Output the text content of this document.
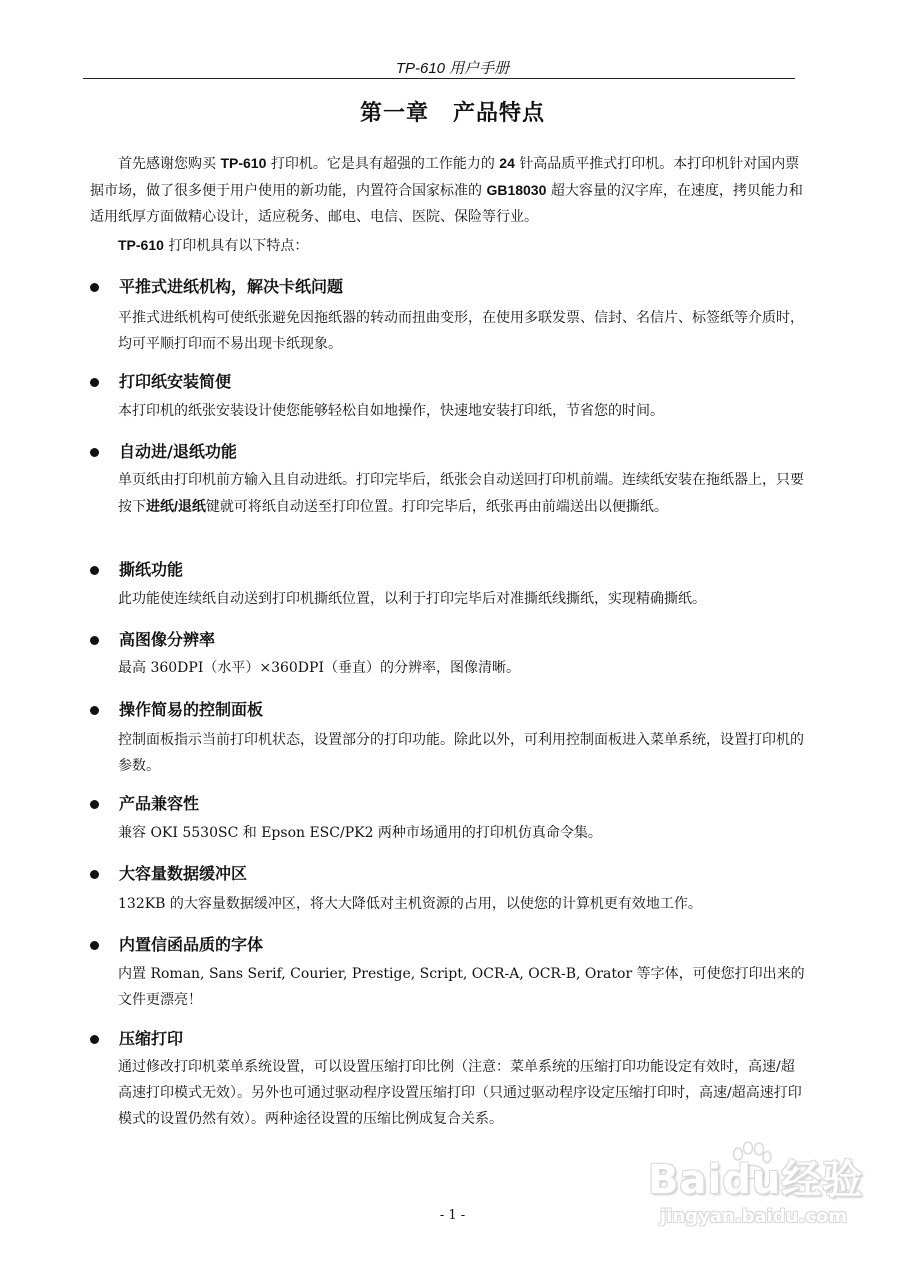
TP-610 用户手册
第一章 产品特点

首先感谢您购买 TP-610 打印机。它是具有超强的工作能力的 24 针高品质平推式打印机。本打印机针对国内票据市场，做了很多便于用户使用的新功能，内置符合国家标准的 GB18030 超大容量的汉字库，在速度，拷贝能力和适用纸厚方面做精心设计，适应税务、邮电、电信、医院、保险等行业。

TP-610 打印机具有以下特点：

平推式进纸机构，解决卡纸问题

平推式进纸机构可使纸张避免因拖纸器的转动而扭曲变形，在使用多联发票、信封、名信片、标签纸等介质时，均可平顺打印而不易出现卡纸现象。

打印纸安装简便

本打印机的纸张安装设计使您能够轻松自如地操作，快速地安装打印纸，节省您的时间。

自动进/退纸功能

单页纸由打印机前方输入且自动进纸。打印完毕后，纸张会自动送回打印机前端。连续纸安装在拖纸器上，只要按下进纸/退纸键就可将纸自动送至打印位置。打印完毕后，纸张再由前端送出以便撕纸。

撕纸功能

此功能使连续纸自动送到打印机撕纸位置，以利于打印完毕后对准撕纸线撕纸，实现精确撕纸。

高图像分辨率

最高 360DPI（水平）×360DPI（垂直）的分辨率，图像清晰。

操作简易的控制面板

控制面板指示当前打印机状态，设置部分的打印功能。除此以外，可利用控制面板进入菜单系统，设置打印机的参数。

产品兼容性

兼容 OKI 5530SC 和 Epson ESC/PK2 两种市场通用的打印机仿真命令集。

大容量数据缓冲区

132KB 的大容量数据缓冲区，将大大降低对主机资源的占用，以使您的计算机更有效地工作。

内置信函品质的字体

内置 Roman, Sans Serif, Courier, Prestige, Script, OCR-A, OCR-B, Orator 等字体，可使您打印出来的文件更漂亮！

压缩打印

通过修改打印机菜单系统设置，可以设置压缩打印比例（注意：菜单系统的压缩打印功能设定有效时，高速/超高速打印模式无效）。另外也可通过驱动程序设置压缩打印（只通过驱动程序设定压缩打印时，高速/超高速打印模式的设置仍然有效）。两种途径设置的压缩比例成复合关系。

- 1 -
Baidu经验
jingyan.baidu.com
